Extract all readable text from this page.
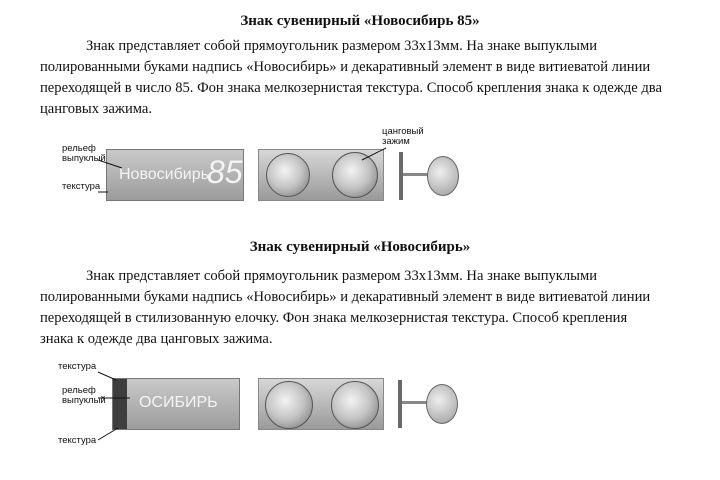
Знак сувенирный «Новосибирь 85»

Знак представляет собой прямоугольник размером 33х13мм. На знаке выпуклыми

полированными буками надпись «Новосибирь» и декаративный элемент в виде витиеватой линии
переходящей в число 85. Фон знака мелкозернистая текстура. Способ крепления знака к одежде два
цанговых зажима.
рельеф
выпуклый
текстура
Новосибирь
85
цанговый
зажим
Знак сувенирный «Новосибирь»

Знак представляет собой прямоугольник размером 33х13мм. На знаке выпуклыми

полированными буками надпись «Новосибирь» и декаративный элемент в виде витиеватой линии
переходящей в стилизованную елочку. Фон знака мелкозернистая текстура. Способ крепления
знака к одежде два цанговых зажима.
текстура
рельеф
выпуклый
текстура
ОСИБИРЬ
